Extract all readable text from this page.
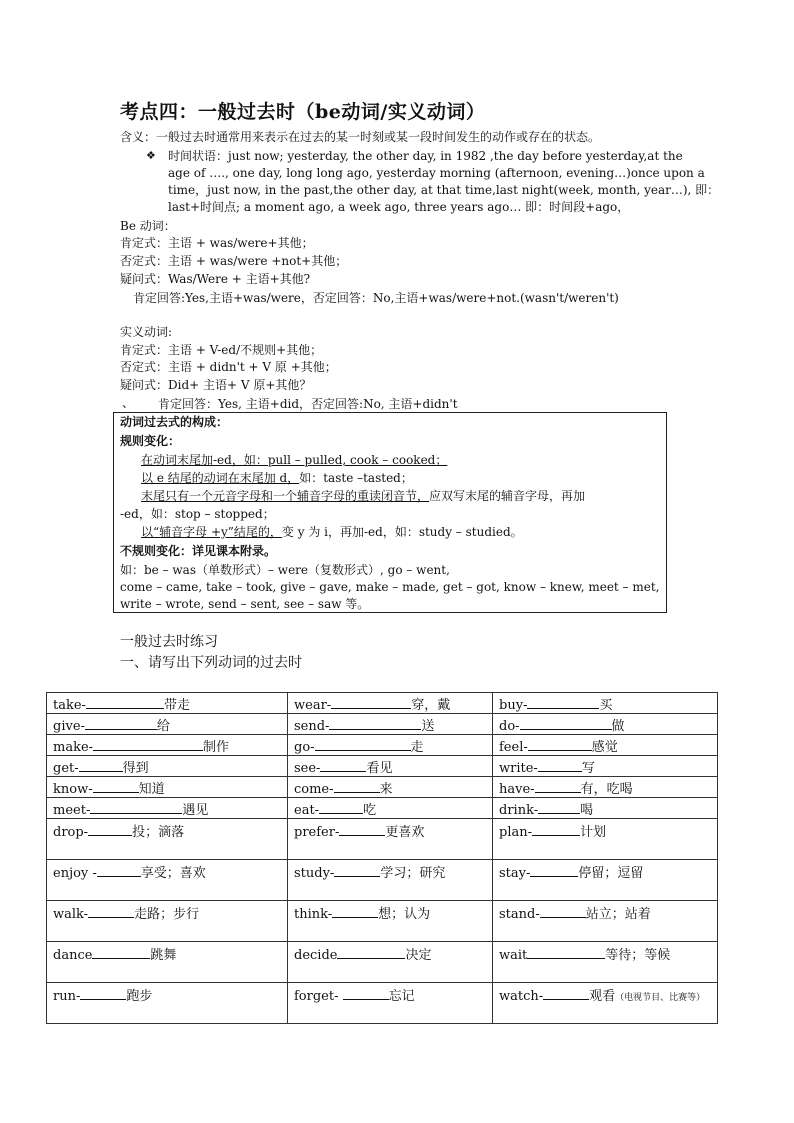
考点四：一般过去时（be动词/实义动词）
含义：一般过去时通常用来表示在过去的某一时刻或某一段时间发生的动作或存在的状态。
❖ 时间状语：just now; yesterday, the other day, in 1982 ,the day before yesterday,at the
age of …., one day, long long ago, yesterday morning (afternoon, evening…)once upon a
time，just now, in the past,the other day, at that time,last night(week, month, year…), 即：
last+时间点; a moment ago, a week ago, three years ago… 即：时间段+ago，
Be 动词：
肯定式：主语 + was/were+其他；
否定式：主语 + was/were +not+其他；
疑问式：Was/Were + 主语+其他?
肯定回答:Yes,主语+was/were，否定回答：No,主语+was/were+not.(wasn't/weren't)
实义动词:
肯定式：主语 + V-ed/不规则+其他；
否定式：主语 + didn't + V 原 +其他；
疑问式：Did+ 主语+ V 原+其他？
、 肯定回答：Yes, 主语+did，否定回答:No, 主语+didn't
动词过去式的构成：
规则变化：
在动词末尾加-ed，如：pull – pulled, cook – cooked；
以 e 结尾的动词在末尾加 d，如：taste –tasted；
末尾只有一个元音字母和一个辅音字母的重读闭音节，应双写末尾的辅音字母，再加
-ed，如：stop – stopped；
以“辅音字母 +y”结尾的，变 y 为 i，再加-ed，如：study – studied。
不规则变化：详见课本附录。
如：be – was（单数形式）– were（复数形式）, go – went,
come – came, take – took, give – gave, make – made, get – got, know – knew, meet – met,
write – wrote, send – sent, see – saw 等。
一般过去时练习
一、请写出下列动词的过去时
take- 带走	wear- 穿，戴	buy- 买
give- 给	send- 送	do- 做
make- 制作	go- 走	feel- 感觉
get- 得到	see- 看见	write- 写
know- 知道	come- 来	have- 有，吃喝
meet- 遇见	eat- 吃	drink- 喝
drop- 投；滴落	prefer- 更喜欢	plan- 计划
enjoy - 享受；喜欢	study- 学习；研究	stay- 停留；逗留
walk- 走路；步行	think- 想；认为	stand- 站立；站着
dance 跳舞	decide 决定	wait 等待；等候
run- 跑步	forget- 忘记	watch- 观看（电视节目、比赛等）
